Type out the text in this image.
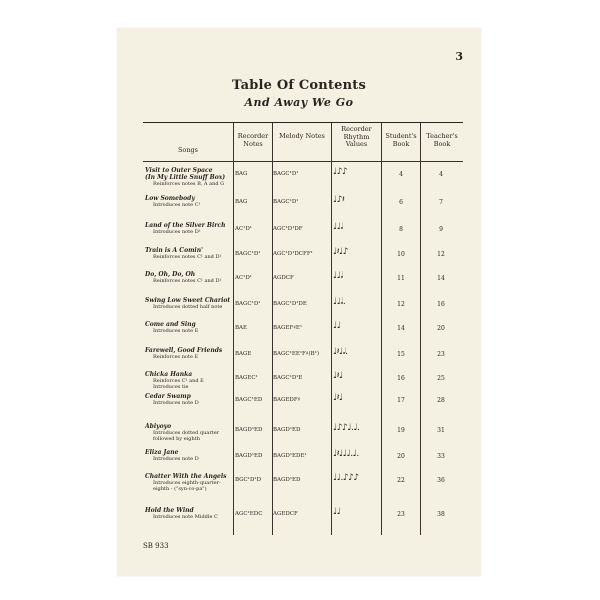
3
Table Of Contents
And Away We Go
Songs
Recorder Notes
Melody Notes
Recorder Rhythm Values
Student's Book
Teacher's Book
Visit to Outer Space
(In My Little Snuff Box)
Reinforces notes B, A and G
BAG	BAGC¹D¹	♩♪♪	4	4
Low Somebody
Introduces note C¹	BAG	BAGC¹D¹	♩♪𝄽	6	7
Land of the Silver Birch
Introduces note D¹	AC¹D¹	AGC¹D¹DF	♩♩𝅗𝅥	8	9
Train is A Comin'
Reinforces notes C¹ and D¹	BAGC¹D¹	AGC¹D¹DCFF¹	♩𝄽♩♪	10	12
Do, Oh, Do, Oh
Reinforces notes C¹ and D¹	AC¹D¹	AGDCF	♩♩𝅗𝅥	11	14
Swing Low Sweet Chariot
Introduces dotted half note	BAGC¹D¹	BAGC¹D¹DE	♩♩𝅗𝅥.	12	16
Come and Sing
Introduces note E	BAE	BAGEF♯E¹	♩♩	14	20
Farewell, Good Friends
Reinforces note E	BAGE	BAGC¹EE¹F♯(B¹)	♩𝄽♩𝅗𝅥.	15	23
Chicka Hanka
Reinforces C¹ and E
Introduces tie
BAGEC¹	BAGC¹D¹E	♩𝄽♩	16	25
Cedar Swamp
Introduces note D	BAGC¹ED	BAGEDF♯	♩𝄽♩	17	28
Abiyoyo
Introduces dotted quarter
followed by eighth
BAGD¹ED	BAGD¹ED	♩♪♪♩.♩.	19	31
Eliza Jane
Introduces note D	BAGD¹ED	BAGD¹EDE¹	♩𝄽♩♩♩.♩.	20	33
Chatter With the Angels
Introduces eighth-quarter-
eighth - ("syn-co-pa")
BGC¹D¹D	BAGD¹ED	♩♩.♪♪♪	22	36
Hold the Wind
Introduces note Middle C	AGC¹EDC	AGEDCF	♩♩	23	38
SB 933
